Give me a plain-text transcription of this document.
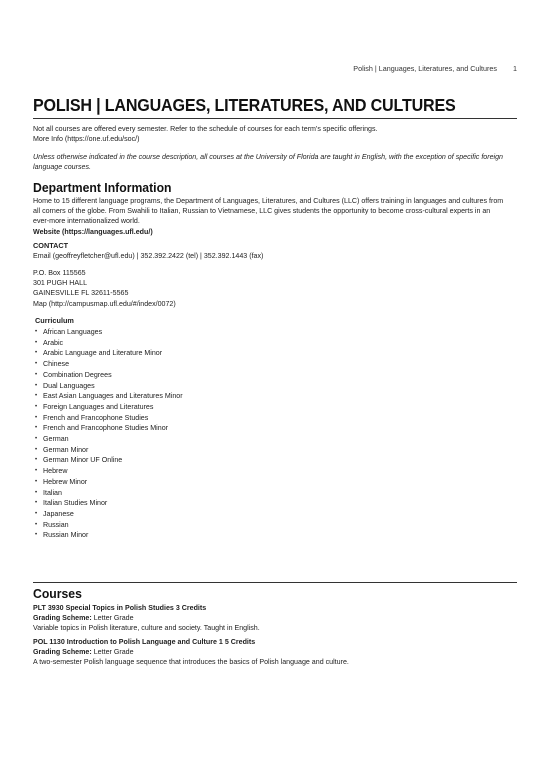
Polish | Languages, Literatures, and Cultures 1
POLISH | LANGUAGES, LITERATURES, AND CULTURES

Not all courses are offered every semester. Refer to the schedule of courses for each term's specific offerings.

More Info (https://one.uf.edu/soc/)

Unless otherwise indicated in the course description, all courses at the University of Florida are taught in English, with the exception of specific foreign

language courses.

Department Information

Home to 15 different language programs, the Department of Languages, Literatures, and Cultures (LLC) offers training in languages and cultures from

all corners of the globe. From Swahili to Italian, Russian to Vietnamese, LLC gives students the opportunity to become cross-cultural experts in an

ever-more internationalized world.

Website (https://languages.ufl.edu/)

CONTACT

Email (geoffreyfletcher@ufl.edu) | 352.392.2422 (tel) | 352.392.1443 (fax)

P.O. Box 115565

301 PUGH HALL

GAINESVILLE FL 32611-5565

Map (http://campusmap.ufl.edu/#/index/0072)

Curriculum
• African Languages
• Arabic
• Arabic Language and Literature Minor
• Chinese
• Combination Degrees
• Dual Languages
• East Asian Languages and Literatures Minor
• Foreign Languages and Literatures
• French and Francophone Studies
• French and Francophone Studies Minor
• German
• German Minor
• German Minor UF Online
• Hebrew
• Hebrew Minor
• Italian
• Italian Studies Minor
• Japanese
• Russian
• Russian Minor
Courses

PLT 3930 Special Topics in Polish Studies 3 Credits

Grading Scheme: Letter Grade

Variable topics in Polish literature, culture and society. Taught in English.

POL 1130 Introduction to Polish Language and Culture 1 5 Credits

Grading Scheme: Letter Grade

A two-semester Polish language sequence that introduces the basics of Polish language and culture.
